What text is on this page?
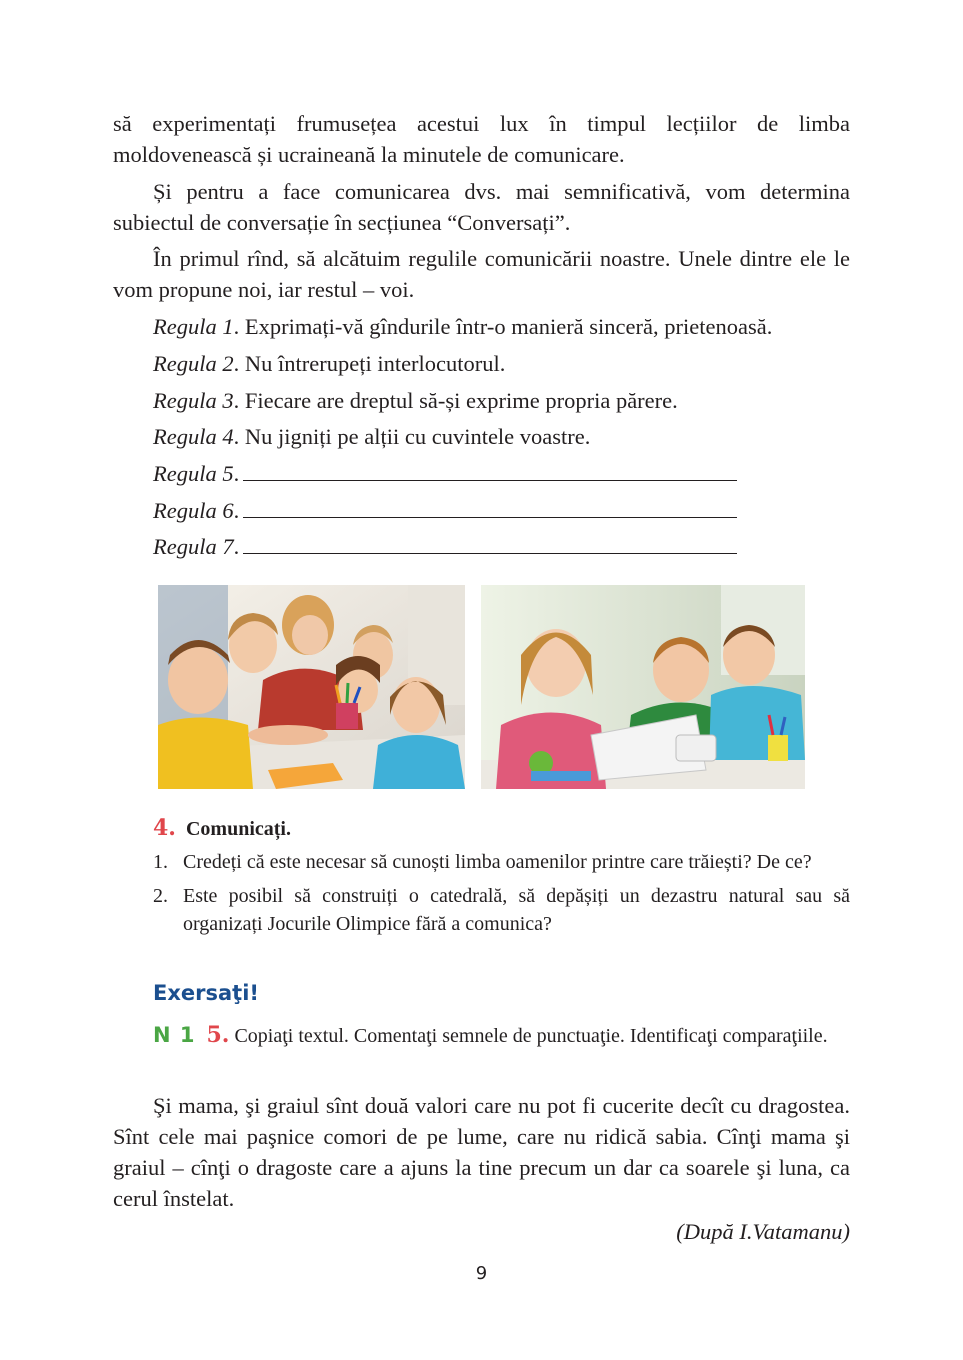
să experimentați frumusețea acestui lux în timpul lecțiilor de limba moldovenească și ucraineană la minutele de comunicare.
Și pentru a face comunicarea dvs. mai semnificativă, vom determina subiectul de conversație în secțiunea “Conversați”.
În primul rînd, să alcătuim regulile comunicării noastre. Unele dintre ele le vom propune noi, iar restul – voi.
Regula 1. Exprimați-vă gîndurile într-o manieră sinceră, prietenoasă.
Regula 2. Nu întrerupeți interlocutorul.
Regula 3. Fiecare are dreptul să-și exprime propria părere.
Regula 4. Nu jigniți pe alții cu cuvintele voastre.
Regula 5.
Regula 6.
Regula 7.
4. Comunicați.
1. Credeți că este necesar să cunoști limba oamenilor printre care trăiești? De ce?
2. Este posibil să construiți o catedrală, să depășiți un dezastru natural sau să organizați Jocurile Olimpice fără a comunica?
Exersaţi!
N 1 5. Copiaţi textul. Comentaţi semnele de punctuaţie. Identificaţi comparaţiile.
Şi mama, şi graiul sînt două valori care nu pot fi cucerite decît cu dragostea. Sînt cele mai paşnice comori de pe lume, care nu ridică sabia. Cînţi mama şi graiul – cînţi o dragoste care a ajuns la tine precum un dar ca soarele şi luna, ca cerul înstelat.
(După I.Vatamanu)
9
